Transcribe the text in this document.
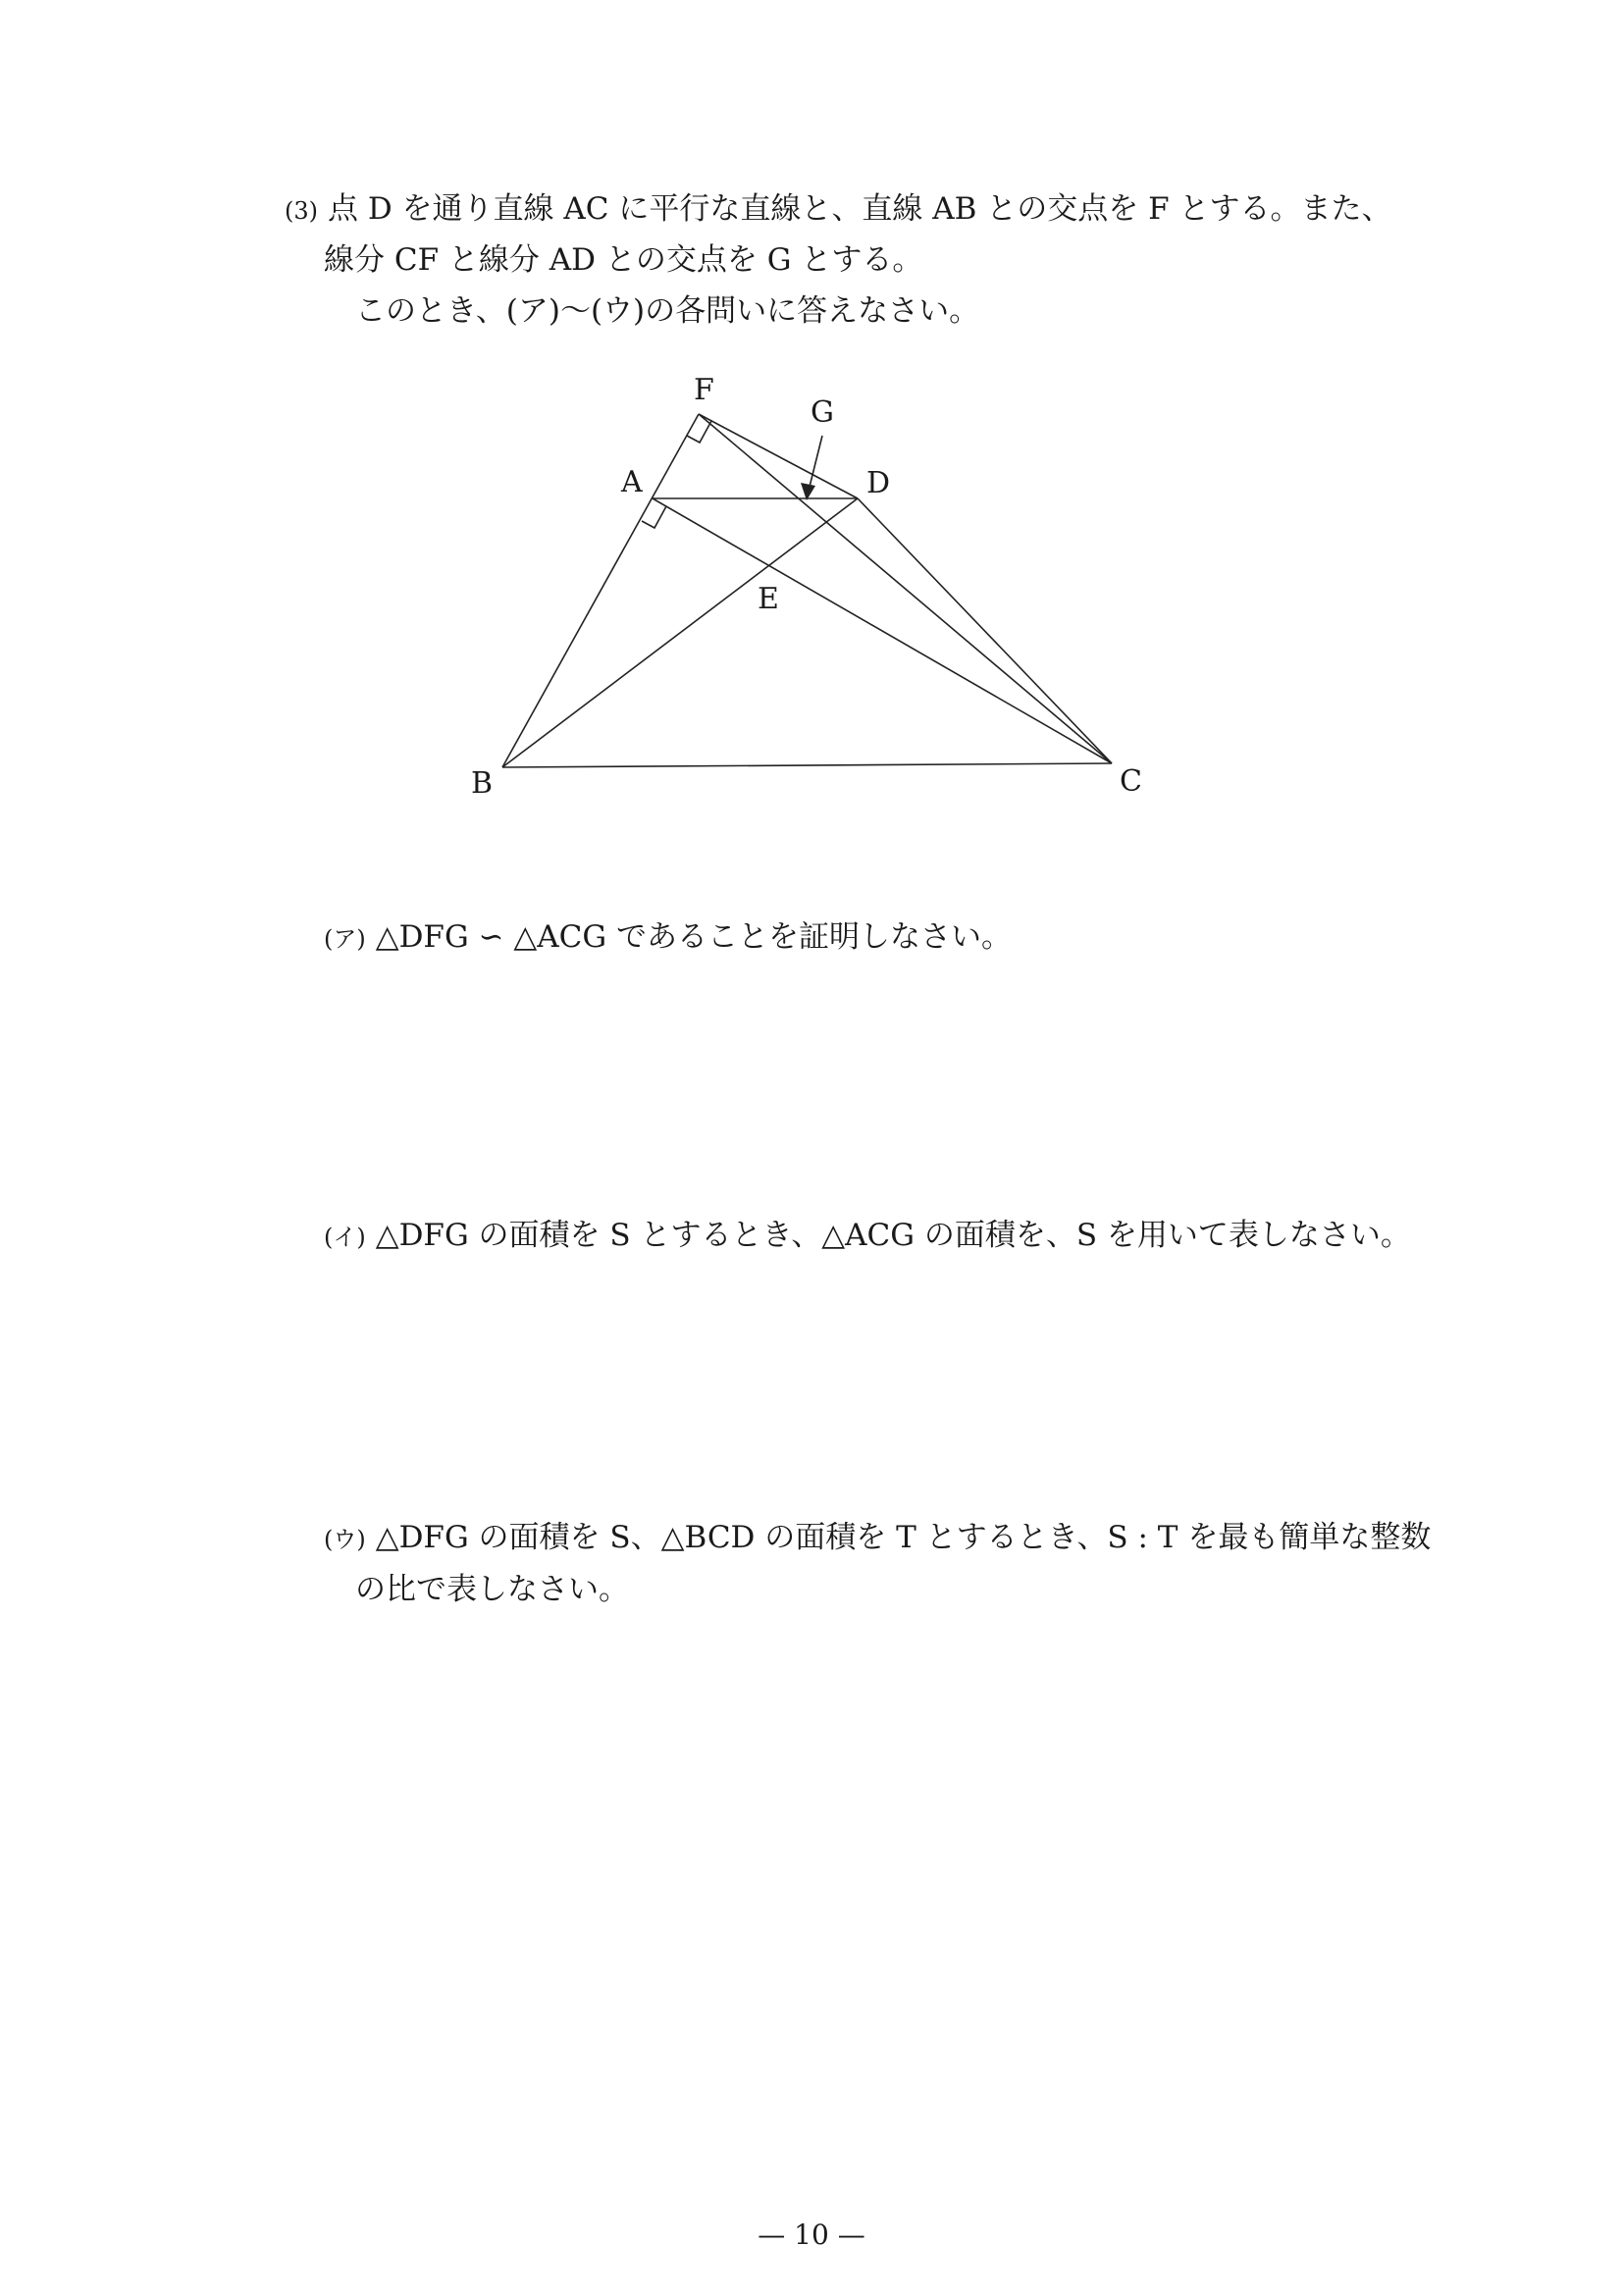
(3) 点 D を通り直線 AC に平行な直線と、直線 AB との交点を F とする。また、
線分 CF と線分 AD との交点を G とする。
このとき、(ア)〜(ウ)の各問いに答えなさい。
F
G
A	D
E
B	C
(ア) △DFG ∽ △ACG であることを証明しなさい。
(イ) △DFG の面積を S とするとき、△ACG の面積を、S を用いて表しなさい。
(ウ) △DFG の面積を S、△BCD の面積を T とするとき、S : T を最も簡単な整数
の比で表しなさい。
— 10 —
